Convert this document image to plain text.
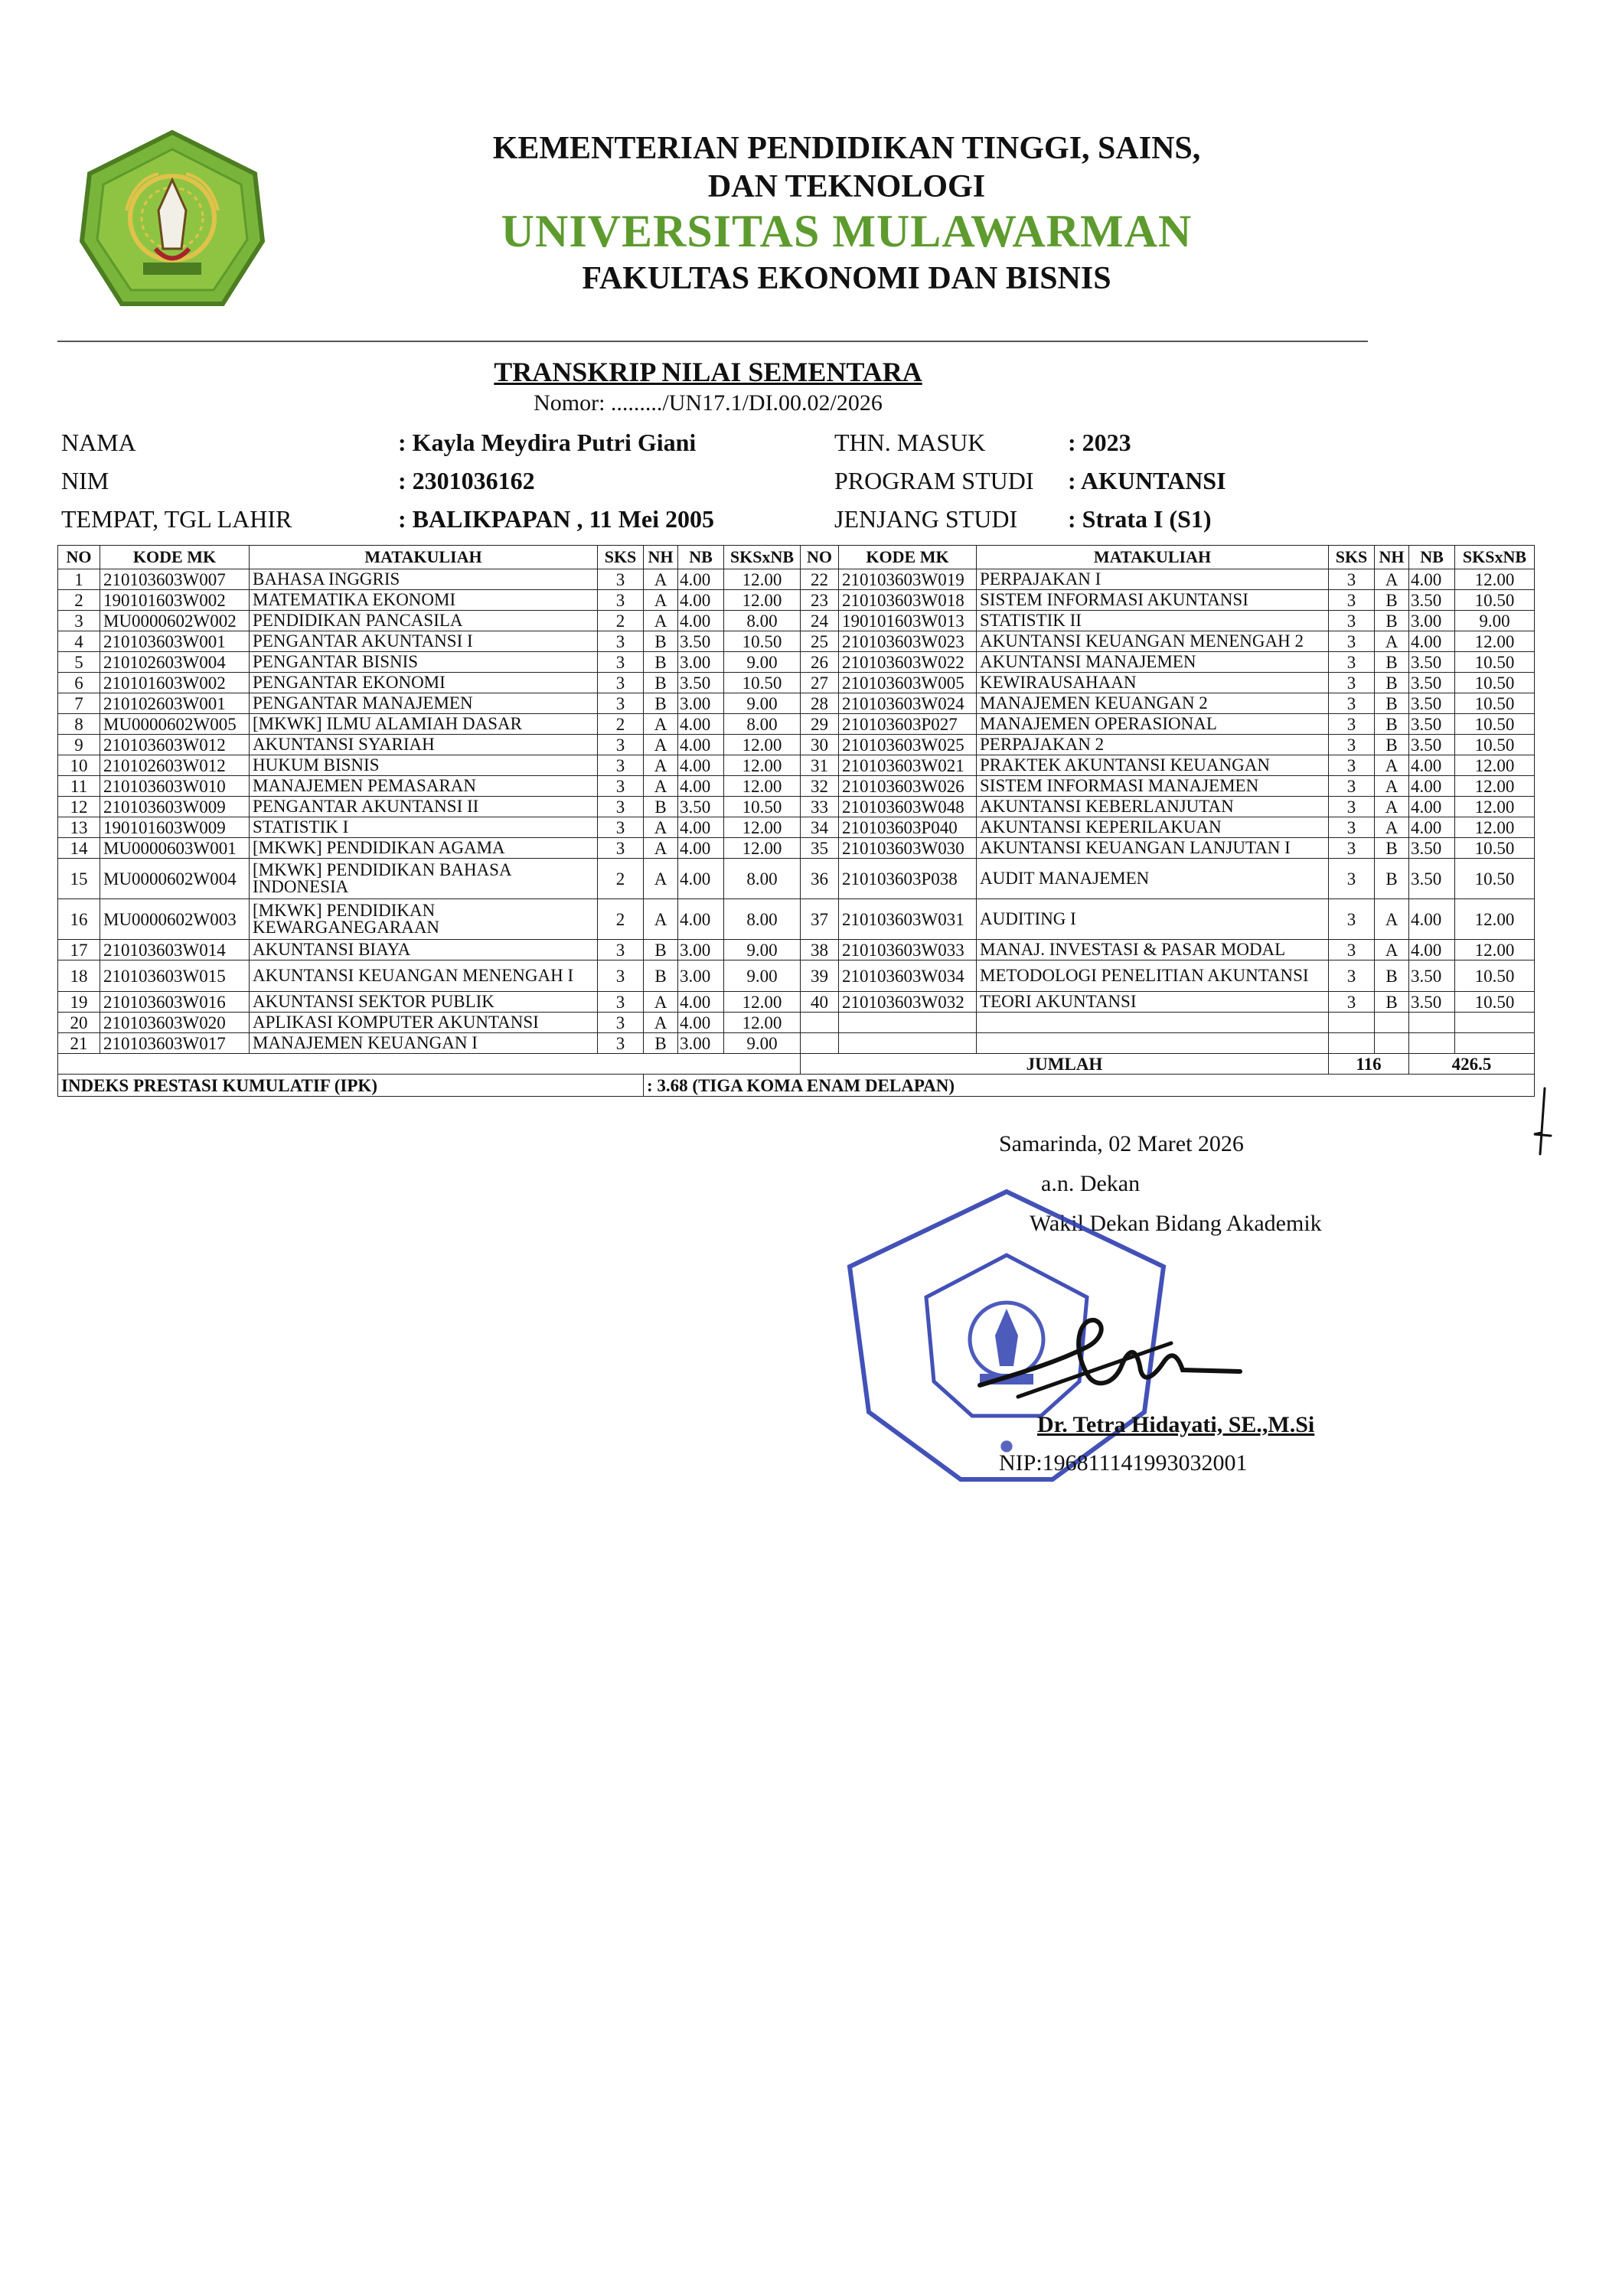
KEMENTERIAN PENDIDIKAN TINGGI, SAINS,
DAN TEKNOLOGI
UNIVERSITAS MULAWARMAN
FAKULTAS EKONOMI DAN BISNIS
TRANSKRIP NILAI SEMENTARA
Nomor: ........./UN17.1/DI.00.02/2026
NAMA	: Kayla Meydira Putri Giani
NIM	: 2301036162
TEMPAT, TGL LAHIR	: BALIKPAPAN , 11 Mei 2005
THN. MASUK	: 2023
PROGRAM STUDI : AKUNTANSI
JENJANG STUDI : Strata I (S1)
NO	KODE MK	MATAKULIAH	SKS	NH	NB	SKSxNB	NO	KODE MK	MATAKULIAH	SKS	NH	NB	SKSxNB
1	210103603W007	BAHASA INGGRIS	3	A	4.00	12.00	22	210103603W019	PERPAJAKAN I	3	A	4.00	12.00
2	190101603W002	MATEMATIKA EKONOMI	3	A	4.00	12.00	23	210103603W018	SISTEM INFORMASI AKUNTANSI	3	B	3.50	10.50
3	MU0000602W002	PENDIDIKAN PANCASILA	2	A	4.00	8.00	24	190101603W013	STATISTIK II	3	B	3.00	9.00
4	210103603W001	PENGANTAR AKUNTANSI I	3	B	3.50	10.50	25	210103603W023	AKUNTANSI KEUANGAN MENENGAH 2	3	A	4.00	12.00
5	210102603W004	PENGANTAR BISNIS	3	B	3.00	9.00	26	210103603W022	AKUNTANSI MANAJEMEN	3	B	3.50	10.50
6	210101603W002	PENGANTAR EKONOMI	3	B	3.50	10.50	27	210103603W005	KEWIRAUSAHAAN	3	B	3.50	10.50
7	210102603W001	PENGANTAR MANAJEMEN	3	B	3.00	9.00	28	210103603W024	MANAJEMEN KEUANGAN 2	3	B	3.50	10.50
8	MU0000602W005	[MKWK] ILMU ALAMIAH DASAR	2	A	4.00	8.00	29	210103603P027	MANAJEMEN OPERASIONAL	3	B	3.50	10.50
9	210103603W012	AKUNTANSI SYARIAH	3	A	4.00	12.00	30	210103603W025	PERPAJAKAN 2	3	B	3.50	10.50
10	210102603W012	HUKUM BISNIS	3	A	4.00	12.00	31	210103603W021	PRAKTEK AKUNTANSI KEUANGAN	3	A	4.00	12.00
11	210103603W010	MANAJEMEN PEMASARAN	3	A	4.00	12.00	32	210103603W026	SISTEM INFORMASI MANAJEMEN	3	A	4.00	12.00
12	210103603W009	PENGANTAR AKUNTANSI II	3	B	3.50	10.50	33	210103603W048	AKUNTANSI KEBERLANJUTAN	3	A	4.00	12.00
13	190101603W009	STATISTIK I	3	A	4.00	12.00	34	210103603P040	AKUNTANSI KEPERILAKUAN	3	A	4.00	12.00
14	MU0000603W001	[MKWK] PENDIDIKAN AGAMA	3	A	4.00	12.00	35	210103603W030	AKUNTANSI KEUANGAN LANJUTAN I	3	B	3.50	10.50
15	MU0000602W004	[MKWK] PENDIDIKAN BAHASA INDONESIA	2	A	4.00	8.00	36	210103603P038	AUDIT MANAJEMEN	3	B	3.50	10.50
16	MU0000602W003	[MKWK] PENDIDIKAN KEWARGANEGARAAN	2	A	4.00	8.00	37	210103603W031	AUDITING I	3	A	4.00	12.00
17	210103603W014	AKUNTANSI BIAYA	3	B	3.00	9.00	38	210103603W033	MANAJ. INVESTASI & PASAR MODAL	3	A	4.00	12.00
18	210103603W015	AKUNTANSI KEUANGAN MENENGAH I	3	B	3.00	9.00	39	210103603W034	METODOLOGI PENELITIAN AKUNTANSI	3	B	3.50	10.50
19	210103603W016	AKUNTANSI SEKTOR PUBLIK	3	A	4.00	12.00	40	210103603W032	TEORI AKUNTANSI	3	B	3.50	10.50
20	210103603W020	APLIKASI KOMPUTER AKUNTANSI	3	A	4.00	12.00							
21	210103603W017	MANAJEMEN KEUANGAN I	3	B	3.00	9.00							
							JUMLAH			116		426.5	
INDEKS PRESTASI KUMULATIF (IPK)				: 3.68 (TIGA KOMA ENAM DELAPAN)									
Samarinda, 02 Maret 2026
a.n. Dekan
Wakil Dekan Bidang Akademik
●
Dr. Tetra Hidayati, SE.,M.Si
NIP:196811141993032001
